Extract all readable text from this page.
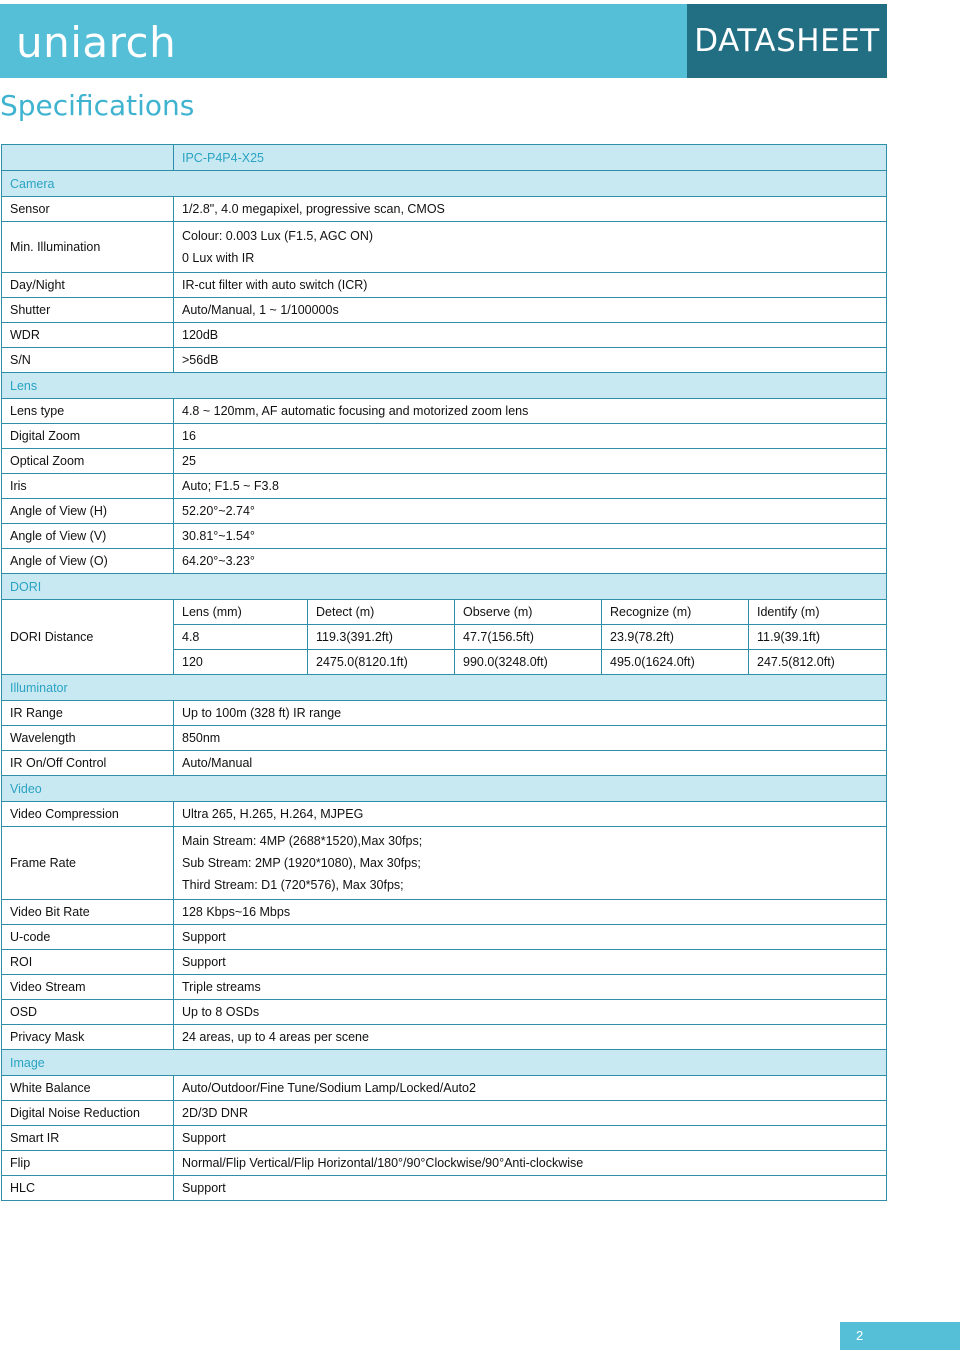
uniarch	DATASHEET
Specifications
	IPC-P4P4-X25				
Camera					
Sensor	1/2.8", 4.0 megapixel, progressive scan, CMOS				
Min. Illumination	Colour: 0.003 Lux (F1.5, AGC ON)
0 Lux with IR				

Day/Night	IR-cut filter with auto switch (ICR)				
Shutter	Auto/Manual, 1 ~ 1/100000s				
WDR	120dB				
S/N	>56dB				
Lens					
Lens type	4.8 ~ 120mm, AF automatic focusing and motorized zoom lens				
Digital Zoom	16				
Optical Zoom	25				
Iris	Auto; F1.5 ~ F3.8				
Angle of View (H)	52.20°~2.74°				
Angle of View (V)	30.81°~1.54°				
Angle of View (O)	64.20°~3.23°				
DORI					
DORI Distance	Lens (mm)	Detect (m)	Observe (m)	Recognize (m)	Identify (m)
	4.8	119.3(391.2ft)	47.7(156.5ft)	23.9(78.2ft)	11.9(39.1ft)
	120	2475.0(8120.1ft)	990.0(3248.0ft)	495.0(1624.0ft)	247.5(812.0ft)
Illuminator					
IR Range	Up to 100m (328 ft) IR range				
Wavelength	850nm				
IR On/Off Control	Auto/Manual				
Video					
Video Compression	Ultra 265, H.265, H.264, MJPEG				
Frame Rate	Main Stream: 4MP (2688*1520),Max 30fps;
Sub Stream: 2MP (1920*1080), Max 30fps;
Third Stream: D1 (720*576), Max 30fps;				

Video Bit Rate	128 Kbps~16 Mbps				
U-code	Support				
ROI	Support				
Video Stream	Triple streams				
OSD	Up to 8 OSDs				
Privacy Mask	24 areas, up to 4 areas per scene				
Image					
White Balance	Auto/Outdoor/Fine Tune/Sodium Lamp/Locked/Auto2				
Digital Noise Reduction	2D/3D DNR				
Smart IR	Support				
Flip	Normal/Flip Vertical/Flip Horizontal/180°/90°Clockwise/90°Anti-clockwise				
HLC	Support				
2
